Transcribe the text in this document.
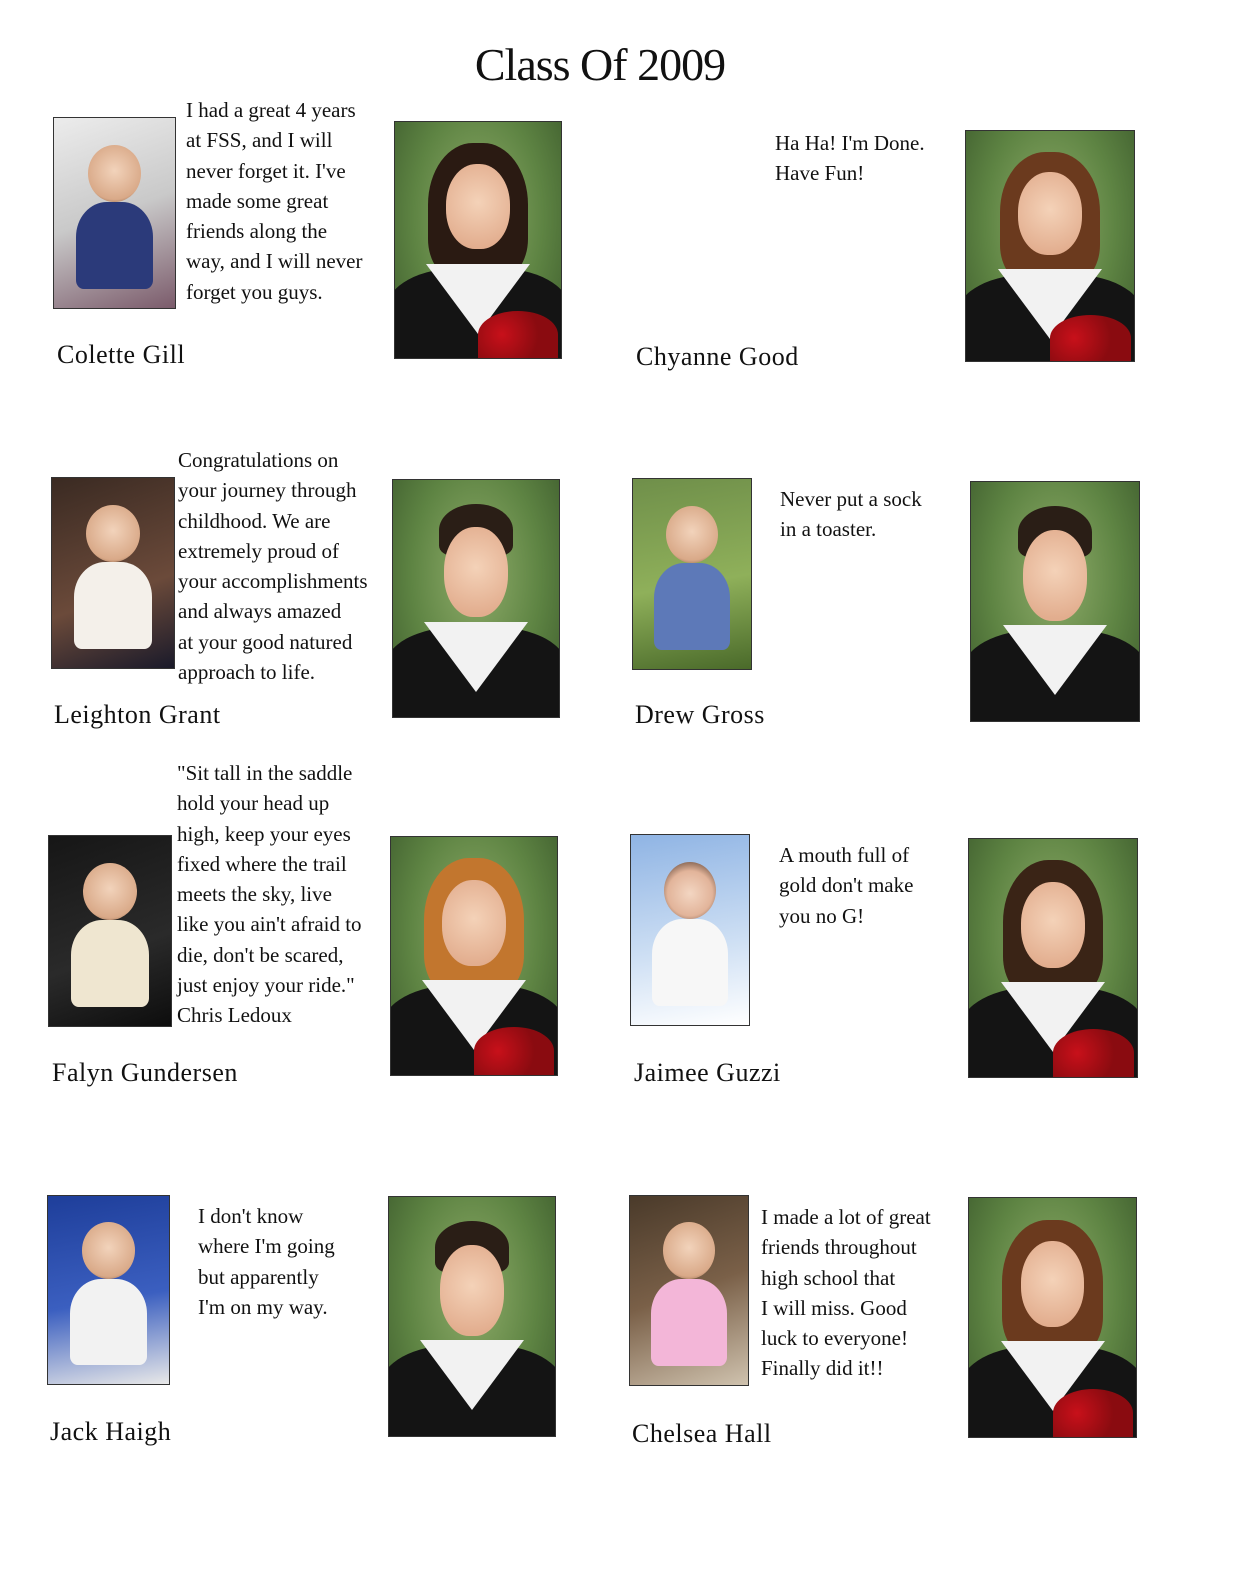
Class Of 2009
I had a great 4 years
at FSS, and I will
never forget it. I've
made some great
friends along the
way, and I will never
forget you guys.
Colette Gill
Ha Ha! I'm Done.
Have Fun!
Chyanne Good
Congratulations on
your journey through
childhood. We are
extremely proud of
your accomplishments
and always amazed
at your good natured
approach to life.
Leighton Grant
Never put a sock
in a toaster.
Drew Gross
"Sit tall in the saddle
hold your head up
high, keep your eyes
fixed where the trail
meets the sky, live
like you ain't afraid to
die, don't be scared,
just enjoy your ride."
Chris Ledoux
Falyn Gundersen
A mouth full of
gold don't make
you no G!
Jaimee Guzzi
I don't know
where I'm going
but apparently
I'm on my way.
Jack Haigh
I made a lot of great
friends throughout
high school that
I will miss. Good
luck to everyone!
Finally did it!!
Chelsea Hall
